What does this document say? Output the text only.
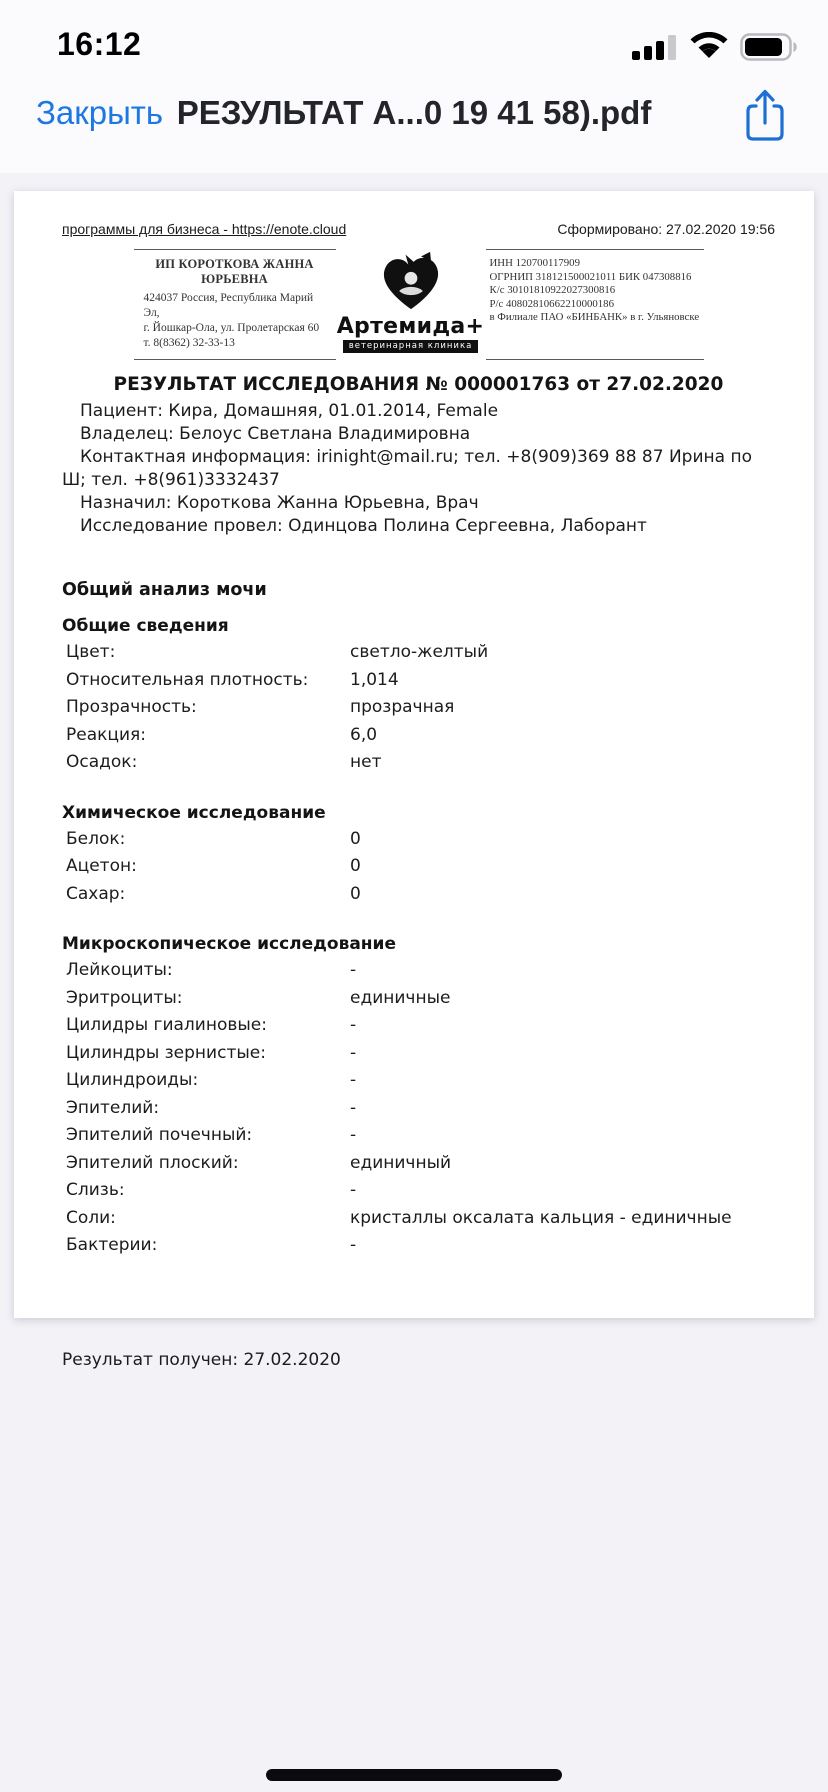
16:12
Закрыть РЕЗУЛЬТАТ А...0 19 41 58).pdf
программы для бизнеса - https://enote.cloud	Сформировано: 27.02.2020 19:56
ИП КОРОТКОВА ЖАННА ЮРЬЕВНА
424037 Россия, Республика Марий Эл,
г. Йошкар-Ола, ул. Пролетарская 60
т. 8(8362) 32-33-13
Артемида+
ветеринарная клиника
ИНН 120700117909
ОГРНИП 318121500021011 БИК 047308816
К/с 30101810922027300816
Р/с 40802810662210000186
в Филиале ПАО «БИНБАНК» в г. Ульяновске
РЕЗУЛЬТАТ ИССЛЕДОВАНИЯ № 000001763 от 27.02.2020

Пациент: Кира, Домашняя, 01.01.2014, Female

Владелец: Белоус Светлана Владимировна

Контактная информация: irinight@mail.ru; тел. +8(909)369 88 87 Ирина по Ш; тел. +8(961)3332437

Назначил: Короткова Жанна Юрьевна, Врач

Исследование провел: Одинцова Полина Сергеевна, Лаборант

Общий анализ мочи
Общие сведения
Цвет:	светло-желтый
Относительная плотность:	1,014
Прозрачность:	прозрачная
Реакция:	6,0
Осадок:	нет
Химическое исследование
Белок:	0
Ацетон:	0
Сахар:	0
Микроскопическое исследование
Лейкоциты:	-
Эритроциты:	единичные
Цилидры гиалиновые:	-
Цилиндры зернистые:	-
Цилиндроиды:	-
Эпителий:	-
Эпителий почечный:	-
Эпителий плоский:	единичный
Слизь:	-
Соли:	кристаллы оксалата кальция - единичные
Бактерии:	-
Результат получен: 27.02.2020
